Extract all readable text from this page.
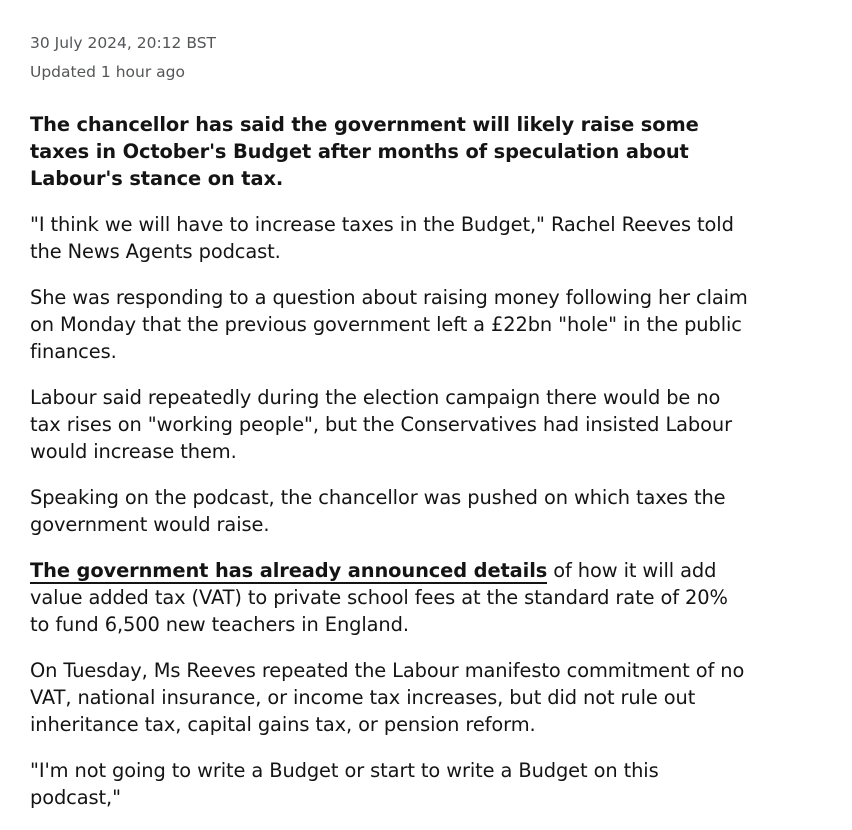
30 July 2024, 20:12 BST
Updated 1 hour ago

The chancellor has said the government will likely raise some taxes in October's Budget after months of speculation about Labour's stance on tax.

"I think we will have to increase taxes in the Budget," Rachel Reeves told the News Agents podcast.

She was responding to a question about raising money following her claim on Monday that the previous government left a £22bn "hole" in the public finances.

Labour said repeatedly during the election campaign there would be no tax rises on "working people", but the Conservatives had insisted Labour would increase them.

Speaking on the podcast, the chancellor was pushed on which taxes the government would raise.

The government has already announced details of how it will add value added tax (VAT) to private school fees at the standard rate of 20% to fund 6,500 new teachers in England.

On Tuesday, Ms Reeves repeated the Labour manifesto commitment of no VAT, national insurance, or income tax increases, but did not rule out inheritance tax, capital gains tax, or pension reform.

"I'm not going to write a Budget or start to write a Budget on this podcast,"
